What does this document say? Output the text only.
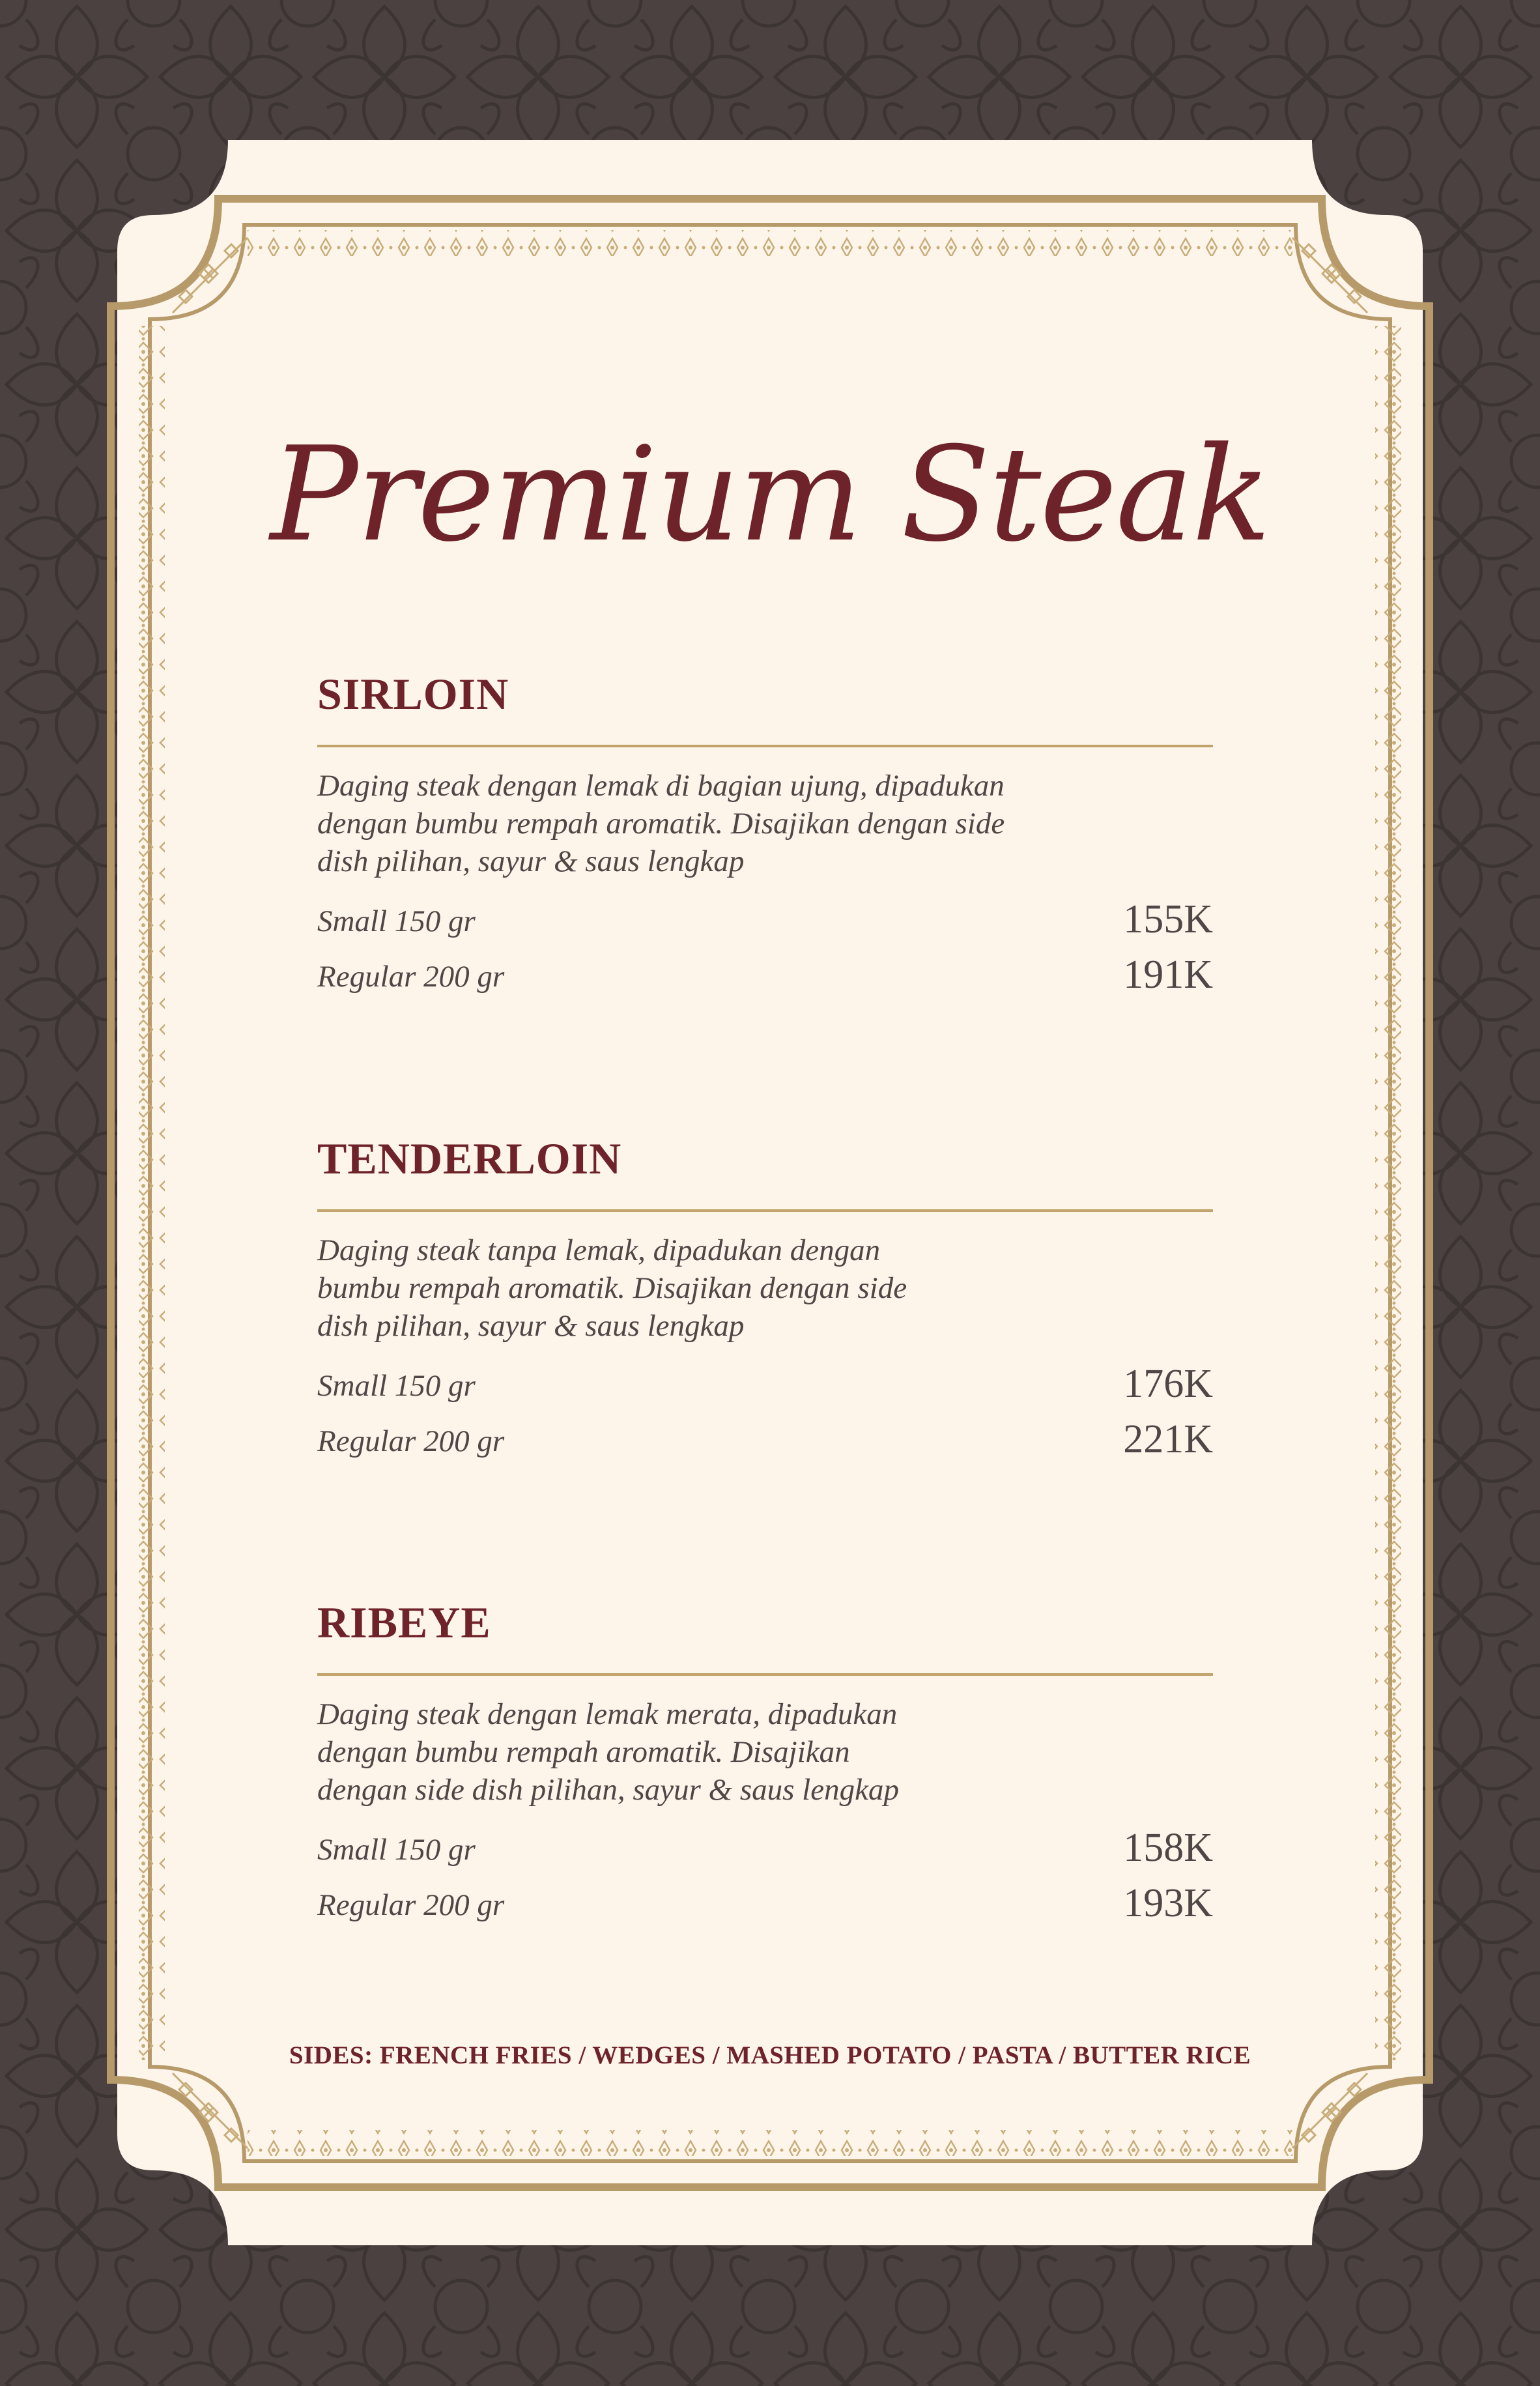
Premium Steak
SIRLOIN
Daging steak dengan lemak di bagian ujung, dipadukan
dengan bumbu rempah aromatik. Disajikan dengan side
dish pilihan, sayur & saus lengkap
Small 150 gr	155K
Regular 200 gr	191K
TENDERLOIN
Daging steak tanpa lemak, dipadukan dengan
bumbu rempah aromatik. Disajikan dengan side
dish pilihan, sayur & saus lengkap
Small 150 gr	176K
Regular 200 gr	221K
RIBEYE
Daging steak dengan lemak merata, dipadukan
dengan bumbu rempah aromatik. Disajikan
dengan side dish pilihan, sayur & saus lengkap
Small 150 gr	158K
Regular 200 gr	193K
SIDES: FRENCH FRIES / WEDGES / MASHED POTATO / PASTA / BUTTER RICE
